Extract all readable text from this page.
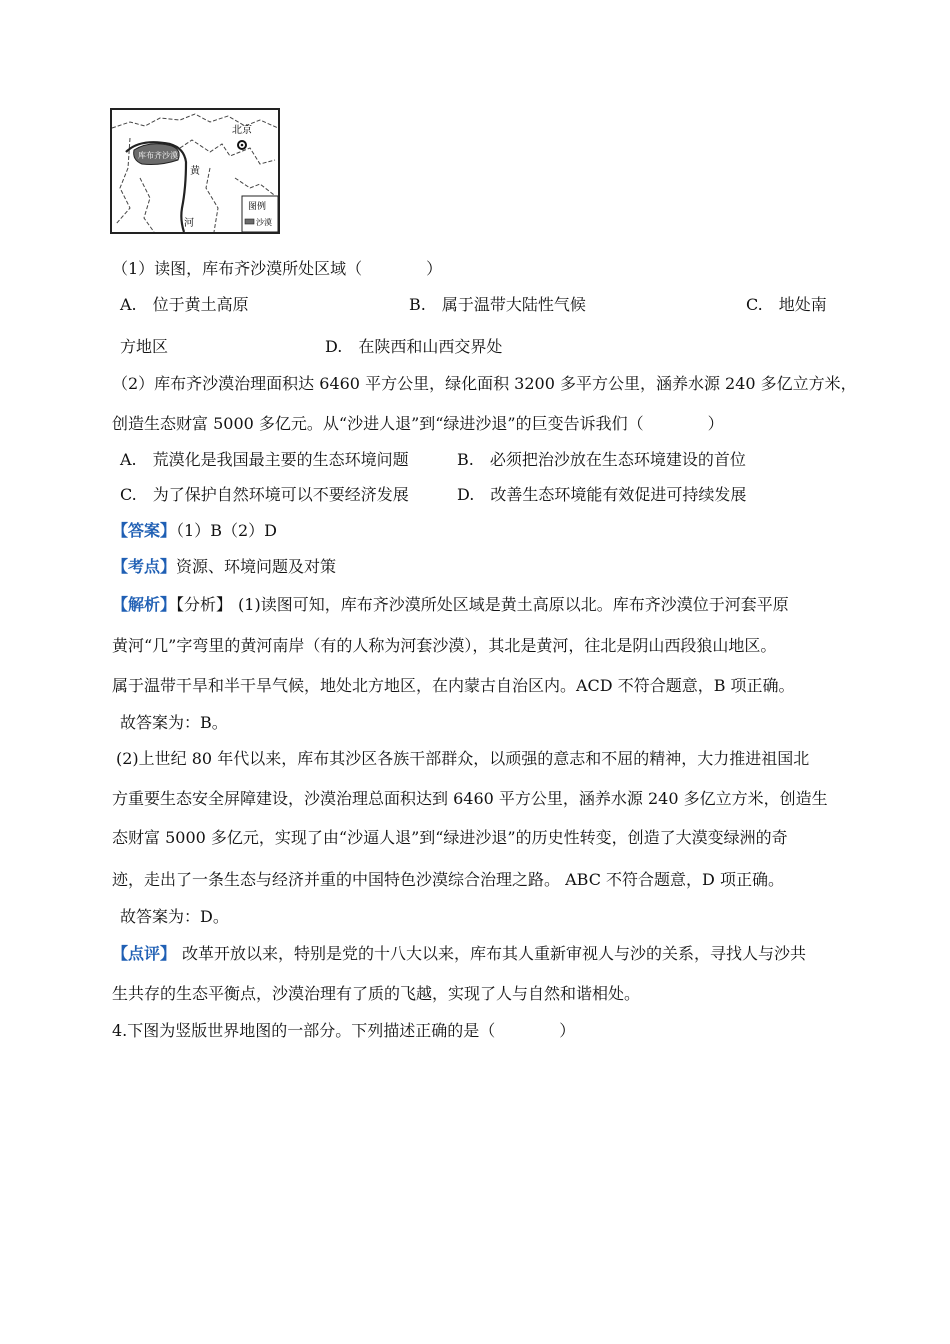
北京
库布齐沙漠
黄
河
图例
沙漠
（1）读图，库布齐沙漠所处区域（　　　　）
A.　位于黄土高原	B.　属于温带大陆性气候	C.　地处南
方地区	D.　在陕西和山西交界处
（2）库布齐沙漠治理面积达 6460 平方公里，绿化面积 3200 多平方公里，涵养水源 240 多亿立方米，
创造生态财富 5000 多亿元。从“沙进人退”到“绿进沙退”的巨变告诉我们（　　　　）
A.　荒漠化是我国最主要的生态环境问题	B.　必须把治沙放在生态环境建设的首位
C.　为了保护自然环境可以不要经济发展	D.　改善生态环境能有效促进可持续发展
【答案】（1）B（2）D
【考点】资源、环境问题及对策
【解析】【分析】 (1)读图可知，库布齐沙漠所处区域是黄土高原以北。库布齐沙漠位于河套平原
黄河“几”字弯里的黄河南岸（有的人称为河套沙漠），其北是黄河，往北是阴山西段狼山地区。
属于温带干旱和半干旱气候，地处北方地区，在内蒙古自治区内。ACD 不符合题意，B 项正确。
故答案为：B。
(2)上世纪 80 年代以来，库布其沙区各族干部群众，以顽强的意志和不屈的精神，大力推进祖国北
方重要生态安全屏障建设，沙漠治理总面积达到 6460 平方公里，涵养水源 240 多亿立方米，创造生
态财富 5000 多亿元，实现了由“沙逼人退”到“绿进沙退”的历史性转变，创造了大漠变绿洲的奇
迹，走出了一条生态与经济并重的中国特色沙漠综合治理之路。 ABC 不符合题意，D 项正确。
故答案为：D。
【点评】 改革开放以来，特别是党的十八大以来，库布其人重新审视人与沙的关系，寻找人与沙共
生共存的生态平衡点，沙漠治理有了质的飞越，实现了人与自然和谐相处。
4.下图为竖版世界地图的一部分。下列描述正确的是（　　　　）
